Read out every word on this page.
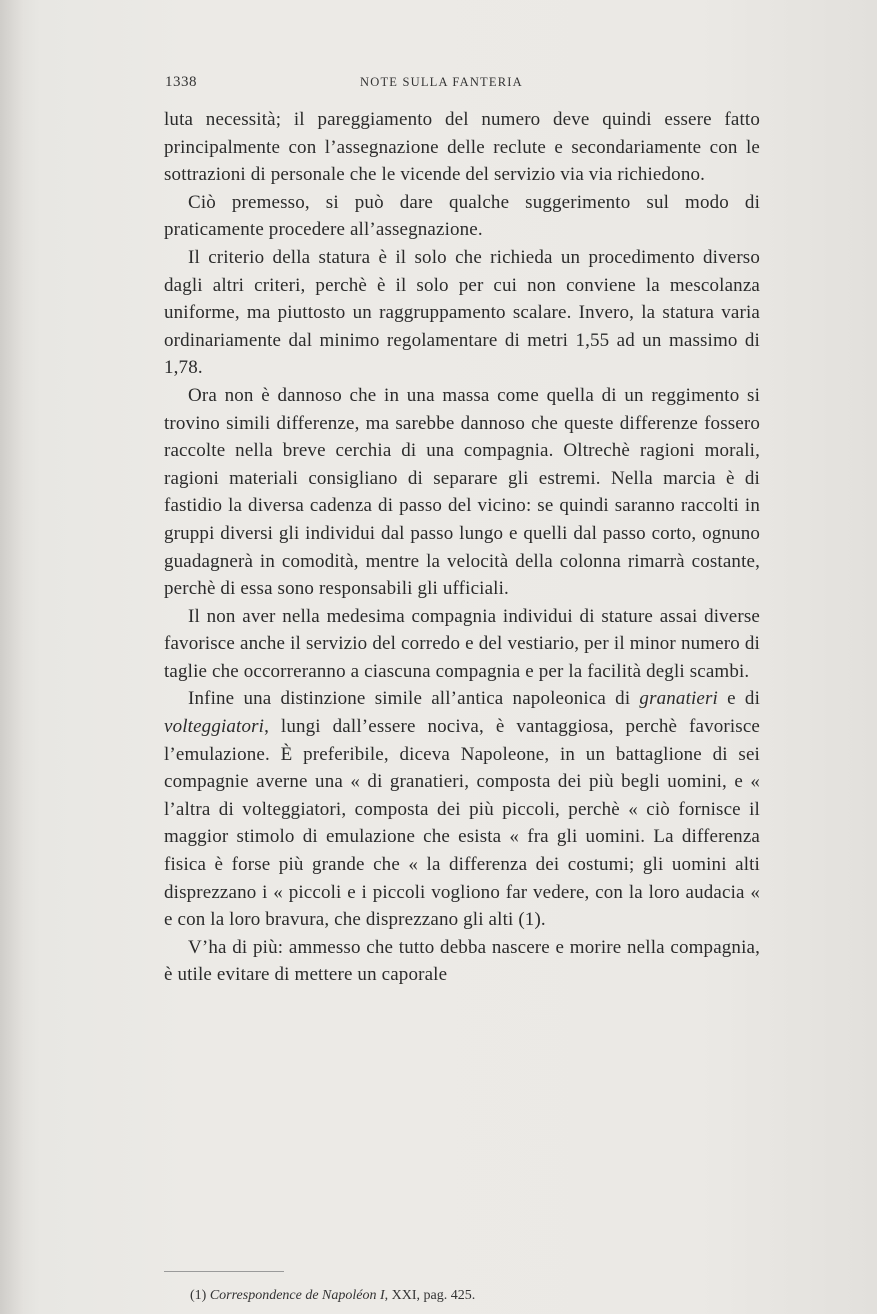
1338	NOTE SULLA FANTERIA

luta necessità; il pareggiamento del numero deve quindi essere fatto principalmente con l’assegnazione delle reclute e secondariamente con le sottrazioni di personale che le vicende del servizio via via richiedono.

Ciò premesso, si può dare qualche suggerimento sul modo di praticamente procedere all’assegnazione.

Il criterio della statura è il solo che richieda un procedimento diverso dagli altri criteri, perchè è il solo per cui non conviene la mescolanza uniforme, ma piuttosto un raggruppamento scalare. Invero, la statura varia ordinariamente dal minimo regolamentare di metri 1,55 ad un massimo di 1,78.

Ora non è dannoso che in una massa come quella di un reggimento si trovino simili differenze, ma sarebbe dannoso che queste differenze fossero raccolte nella breve cerchia di una compagnia. Oltrechè ragioni morali, ragioni materiali consigliano di separare gli estremi. Nella marcia è di fastidio la diversa cadenza di passo del vicino: se quindi saranno raccolti in gruppi diversi gli individui dal passo lungo e quelli dal passo corto, ognuno guadagnerà in comodità, mentre la velocità della colonna rimarrà costante, perchè di essa sono responsabili gli ufficiali.

Il non aver nella medesima compagnia individui di stature assai diverse favorisce anche il servizio del corredo e del vestiario, per il minor numero di taglie che occorreranno a ciascuna compagnia e per la facilità degli scambi.

Infine una distinzione simile all’antica napoleonica di granatieri e di volteggiatori, lungi dall’essere nociva, è vantaggiosa, perchè favorisce l’emulazione. È preferibile, diceva Napoleone, in un battaglione di sei compagnie averne una « di granatieri, composta dei più begli uomini, e « l’altra di volteggiatori, composta dei più piccoli, perchè « ciò fornisce il maggior stimolo di emulazione che esista « fra gli uomini. La differenza fisica è forse più grande che « la differenza dei costumi; gli uomini alti disprezzano i « piccoli e i piccoli vogliono far vedere, con la loro audacia « e con la loro bravura, che disprezzano gli alti (1).

V’ha di più: ammesso che tutto debba nascere e morire nella compagnia, è utile evitare di mettere un caporale

(1) Correspondence de Napoléon I, XXI, pag. 425.
